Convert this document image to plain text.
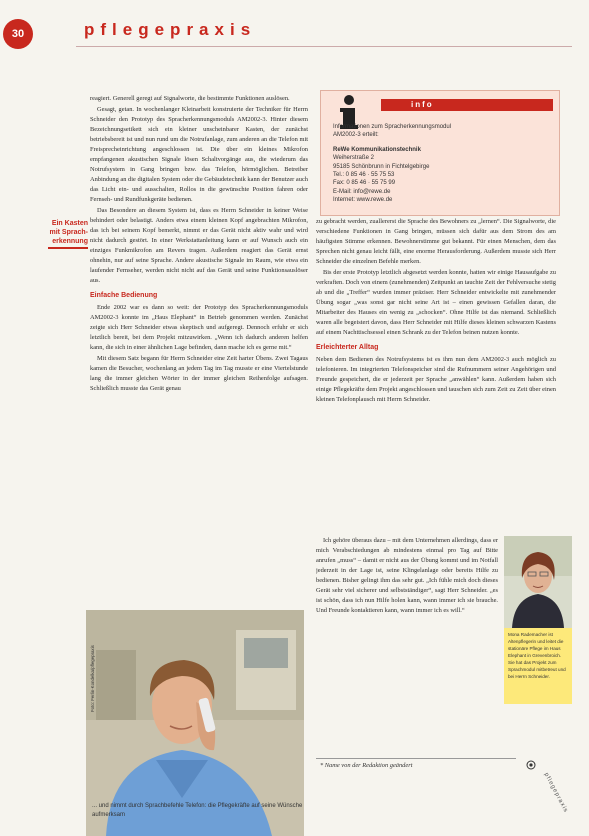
30	pflegepraxis

reagiert. Generell geregt auf Signalworte, die bestimmte Funktionen auslösen.

Gesagt, getan. In wochenlanger Kleinarbeit konstruierte der Techniker für Herrn Schneider den Prototyp des Spracherkennungsmoduls AM2002-3. Hinter diesem Bezeichnungsetikett sich ein kleiner unscheinbarer Kasten, der zunächst betriebsbereit ist und nun rund um die Notrufanlage, zum anderen an die Telefon mit Freisprecheinrichtung angeschlossen ist. Die über ein kleines Mikrofon empfangenen akustischen Signale lösen Schaltvorgänge aus, die wiederum das Notrufsystem in Gang bringen bzw. das Telefon, hörmöglichen. Betreiber Anbindung an die digitalen System oder die Gebäudetechnik kann der Benutzer auch das Licht ein- und ausschalten, Rollos in die gewünschte Position fahren oder Fernseh- und Rundfunkgeräte bedienen.

Das Besondere an diesem System ist, dass es Herrn Schneider in keiner Weise behindert oder belastigt. Anders etwa einem kleinen Kopf angebrachten Mikrofon, das ich bei seinem Kopf bemerkt, nimmt er das Gerät nicht aktiv wahr und wird nicht dadurch gestört. In einer Werkstattanleitung kann er auf Wunsch auch ein einziges Funkmikrofon am Revers tragen. Außerdem reagiert das Gerät ernst ohnehin, nur auf seine Sprache. Andere akustische Signale im Raum, wie etwa ein laufender Fernseher, werden nicht nicht auf das Gerät und seine Funktionsauslöser aus.

Einfache Bedienung

Ende 2002 war es dann so weit: der Prototyp des Spracherkennungsmoduls AM2002-3 konnte im „Haus Elephant“ in Betrieb genommen werden. Zunächst zeigte sich Herr Schneider etwas skeptisch und aufgeregt. Dennoch erfuhr er sich letztlich bereit, bei dem Projekt mitzuwirken. „Wenn ich dadurch anderen helfen kann, die sich in einer ähnlichen Lage befinden, dann mache ich es gerne mit.“

Mit diesem Satz begann für Herrn Schneider eine Zeit harter Übens. Zwei Tagaus kamen die Besucher, wochenlang an jedem Tag im Tag musste er eine Viertelstunde lang die immer gleichen Wörter in der immer gleichen Reihenfolge aufsagen. Schließlich musste das Gerät genau

Ein Kasten mit Sprach- erkennung
info
Informationen zum Spracherkennungsmodul
AM2002-3 erteilt:
ReWe Kommunikationstechnik
Weiherstraße 2
95185 Schönbrunn in Fichtelgebirge
Tel.: 0 85 46 · 55 75 53
Fax: 0 85 46 · 55 75 99
E-Mail: info@rewe.de
Internet: www.rewe.de

zu gebracht werden, zuallererst die Sprache des Bewohners zu „lernen“. Die Signalworte, die verschiedene Funktionen in Gang bringen, müssen sich dafür aus dem Strom des am häufigsten Stimme erkennen. Bewohnerstimme gut bekannt. Für einen Menschen, dem das Sprechen nicht genau leicht fällt, eine enorme Herausforderung. Außerdem musste sich Herr Schneider die einzelnen Befehle merken.

Bis der erste Prototyp letztlich abgesetzt werden konnte, hatten wir einige Hausaufgabe zu verkraften. Doch von einem (zunehmenden) Zeitpunkt an tauchte Zeit der Fehlversuche stetig ab und die „Treffer“ wurden immer präziser. Herr Schneider entwickelte mit zunehmender Übung sogar „was sonst gar nicht seine Art ist – einen gewissen Gefallen daran, die Mitarbeiter des Hauses ein wenig zu „schocken“. Ohne Hilfe ist das niemand. Schließlich waren alle begeistert davon, dass Herr Schneider mit Hilfe dieses kleinen schwarzen Kastens auf einem Nachttischsessel einen Schrank zu der Telefon beinen nutzen konnte.

Erleichterter Alltag

Neben dem Bedienen des Notrufsystems ist es ihm nun dem AM2002-3 auch möglich zu telefonieren. Im integrierten Telefonspeicher sind die Rufnummern seiner Angehörigen und Freunde gespeichert, die er jederzeit per Sprache „anwählen“ kann. Außerdem haben sich einige Pflegekräfte dem Projekt angeschlossen und tauschen sich zum Zeit zu Zeit über einen kleinen Telefonplausch mit Herrn Schneider.

Ich gehöre überaus dazu – mit dem Unternehmen allerdings, dass er mich Verabschiedungen ab mindestens einmal pro Tag auf Bitte anrufen „muss“ – damit er nicht aus der Übung kommt und im Notfall jederzeit in der Lage ist, seine Klingelanlage oder bereits Hilfe zu bedienen. Bisher gelingt ihm das sehr gut. „Ich fühle mich doch dieses Gerät sehr viel sicherer und selbstständiger“, sagt Herr Schneider. „es ist schön, dass ich nun Hilfe holen kann, wann immer ich sie brauche. Und Freunde kontaktieren kann, wann immer ich es will.“

Mona Rademacher ist Altenpflegerin und leitet die stationäre Pflege im Haus Elephant in Grevenbroich. Sie hat das Projekt zum Sprachmodul mitbetreut und bei Herrn Schneider.
Foto: Ferlin-Kondelka/pflegepraxis
... und nimmt durch Sprachbefehle Telefon: die Pflegekräfte auf seine Wünsche aufmerksam
* Name von der Redaktion geändert
pflegepraxis
